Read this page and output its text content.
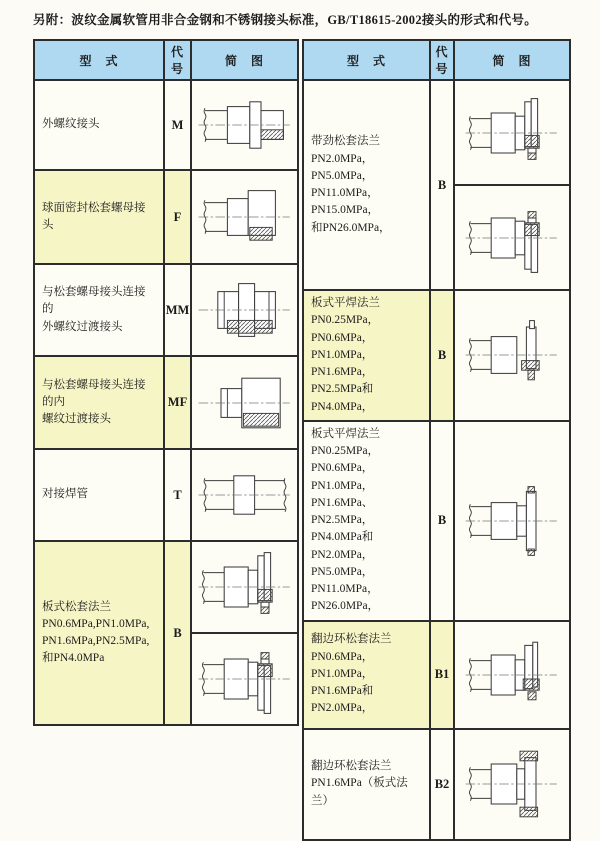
另附：波纹金属软管用非合金钢和不锈钢接头标准，GB/T18615-2002接头的形式和代号。
型　式	代号	简　图

外螺纹接头	M	

球面密封松套螺母接头	F	

与松套螺母接头连接的
外螺纹过渡接头	MM	

与松套螺母接头连接的内
螺纹过渡接头	MF	

对接焊管	T	

板式松套法兰
PN0.6MPa,PN1.0MPa,
PN1.6MPa,PN2.5MPa,
和PN4.0MPa	B	
型　式	代号	简　图

带劲松套法兰
PN2.0MPa，PN5.0MPa，
PN11.0MPa，PN15.0MPa，
和PN26.0MPa，	B	

板式平焊法兰
PN0.25MPa，PN0.6MPa，
PN1.0MPa，PN1.6MPa，
PN2.5MPa和PN4.0MPa，	B	

板式平焊法兰
PN0.25MPa，PN0.6MPa，
PN1.0MPa，PN1.6MPa、
PN2.5MPa，PN4.0MPa和
PN2.0MPa，PN5.0MPa，
PN11.0MPa，PN26.0MPa，
	B	

翻边环松套法兰
PN0.6MPa，PN1.0MPa，
PN1.6MPa和PN2.0MPa，	B1	

翻边环松套法兰
PN1.6MPa（板式法兰）	B2	
